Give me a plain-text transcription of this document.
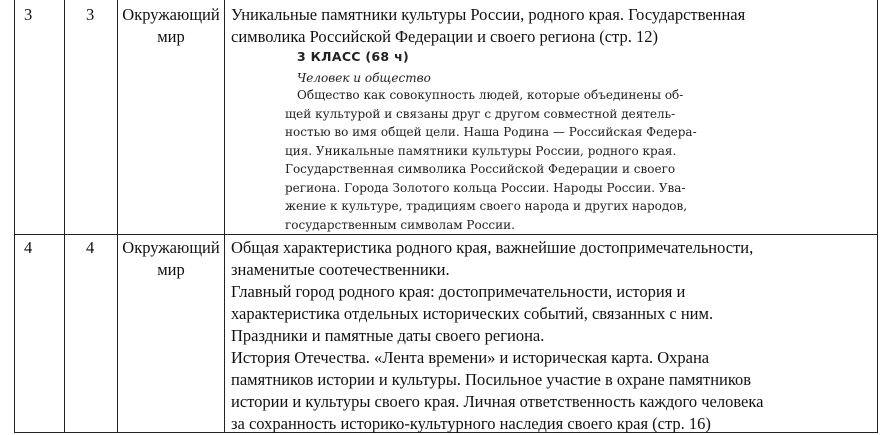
3	3 Окружающий
мир
Уникальные памятники культуры России, родного края. Государственная
символика Российской Федерации и своего региона (стр. 12)
3 КЛАСС (68 ч)
Человек и общество
Общество как совокупность людей, которые объединены об-
щей культурой и связаны друг с другом совместной деятель-
ностью во имя общей цели. Наша Родина — Российская Федера-
ция. Уникальные памятники культуры России, родного края.
Государственная символика Российской Федерации и своего
региона. Города Золотого кольца России. Народы России. Ува-
жение к культуре, традициям своего народа и других народов,
государственным символам России.
4	4 Окружающий
мир
Общая характеристика родного края, важнейшие достопримечательности,
знаменитые соотечественники.
Главный город родного края: достопримечательности, история и
характеристика отдельных исторических событий, связанных с ним.
Праздники и памятные даты своего региона.
История Отечества. «Лента времени» и историческая карта. Охрана
памятников истории и культуры. Посильное участие в охране памятников
истории и культуры своего края. Личная ответственность каждого человека
за сохранность историко-культурного наследия своего края (стр. 16)
